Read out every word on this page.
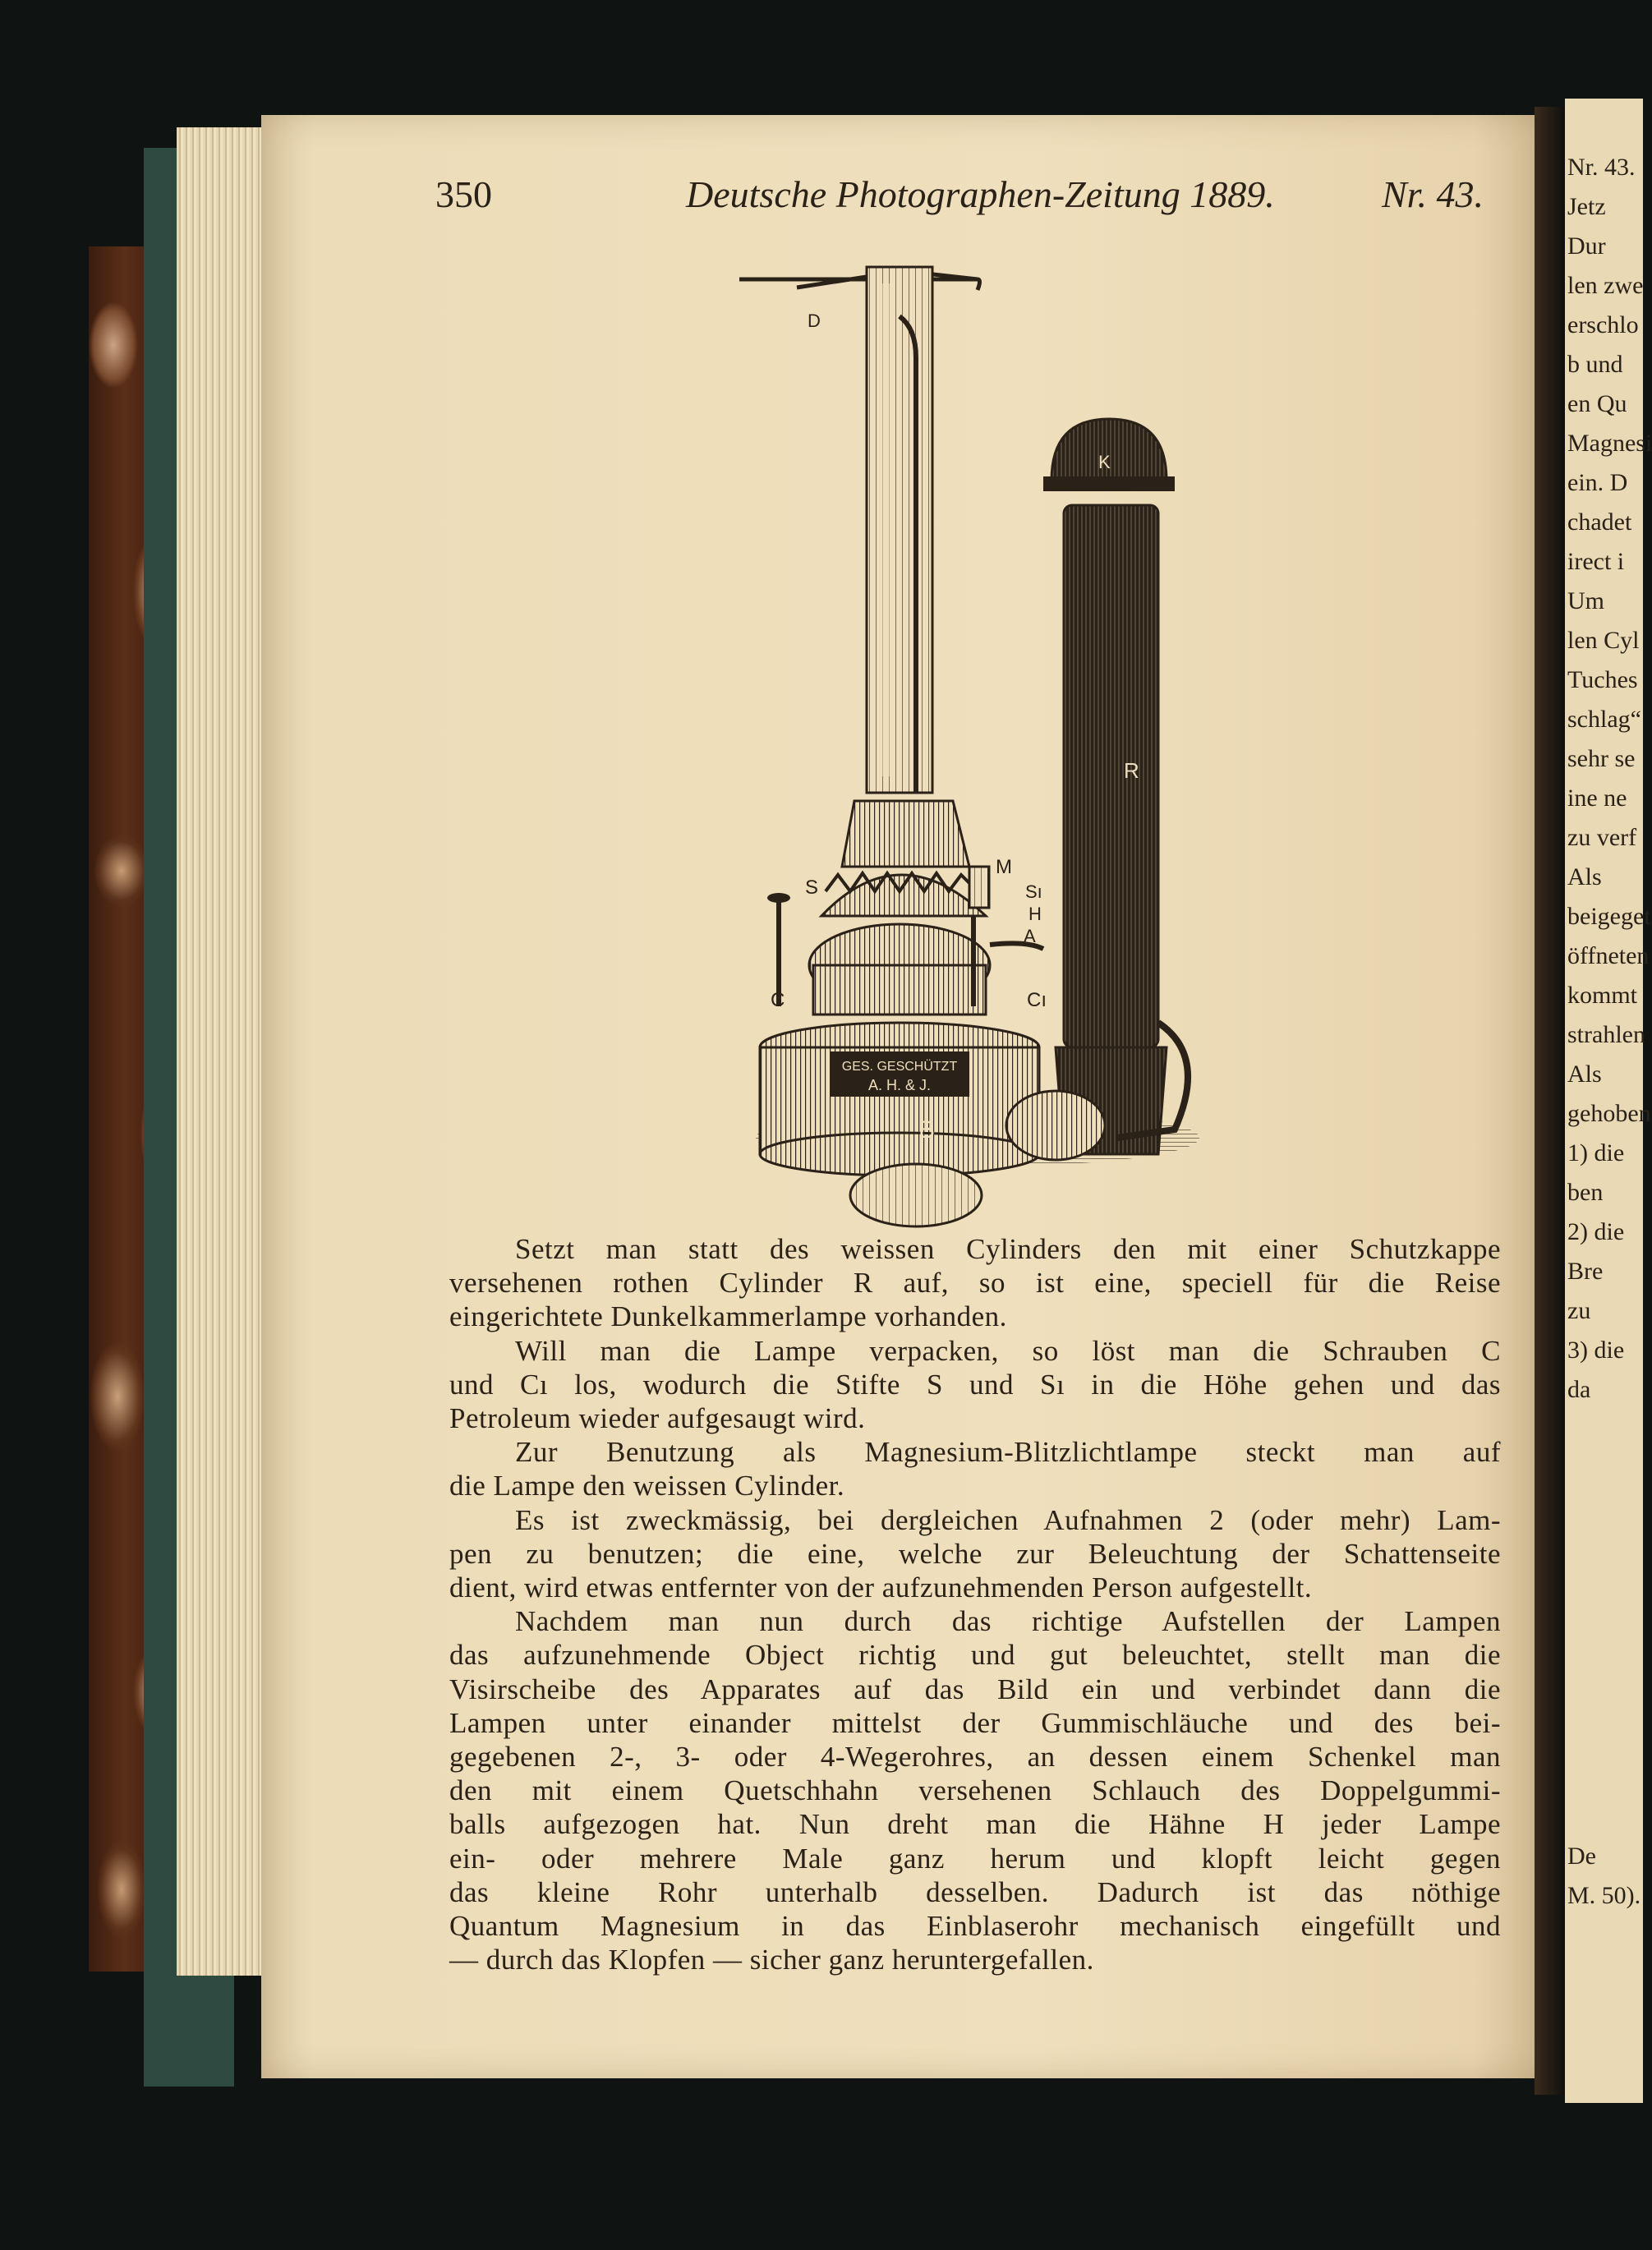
350	Deutsche Photographen-Zeitung 1889.	Nr. 43.
D
GES. GESCHÜTZT
A. H. & J.
K
R
M
S	Sı
H
A
C	Cı
B
Setzt man statt des weissen Cylinders den mit einer Schutzkappe
versehenen rothen Cylinder R auf, so ist eine, speciell für die Reise
eingerichtete Dunkelkammerlampe vorhanden.
Will man die Lampe verpacken, so löst man die Schrauben C
und Cı los, wodurch die Stifte S und Sı in die Höhe gehen und das
Petroleum wieder aufgesaugt wird.
Zur Benutzung als Magnesium-Blitzlichtlampe steckt man auf
die Lampe den weissen Cylinder.
Es ist zweckmässig, bei dergleichen Aufnahmen 2 (oder mehr) Lam-
pen zu benutzen; die eine, welche zur Beleuchtung der Schattenseite
dient, wird etwas entfernter von der aufzunehmenden Person aufgestellt.
Nachdem man nun durch das richtige Aufstellen der Lampen
das aufzunehmende Object richtig und gut beleuchtet, stellt man die
Visirscheibe des Apparates auf das Bild ein und verbindet dann die
Lampen unter einander mittelst der Gummischläuche und des bei-
gegebenen 2-, 3- oder 4-Wegerohres, an dessen einem Schenkel man
den mit einem Quetschhahn versehenen Schlauch des Doppelgummi-
balls aufgezogen hat. Nun dreht man die Hähne H jeder Lampe
ein- oder mehrere Male ganz herum und klopft leicht gegen
das kleine Rohr unterhalb desselben. Dadurch ist das nöthige
Quantum Magnesium in das Einblaserohr mechanisch eingefüllt und
— durch das Klopfen — sicher ganz heruntergefallen.
Nr. 43.
Jetz
Dur
len zwe
erschlo
b und
en Qu
Magnesi
ein. D
chadet
irect i
Um
len Cyl
Tuches
schlag“
sehr se
ine ne
zu verf
Als
beigeget
öffneten
kommt
strahlen
Als
gehoben
1) die
ben
2) die
Bre
zu
3) die
da
De
M. 50).
